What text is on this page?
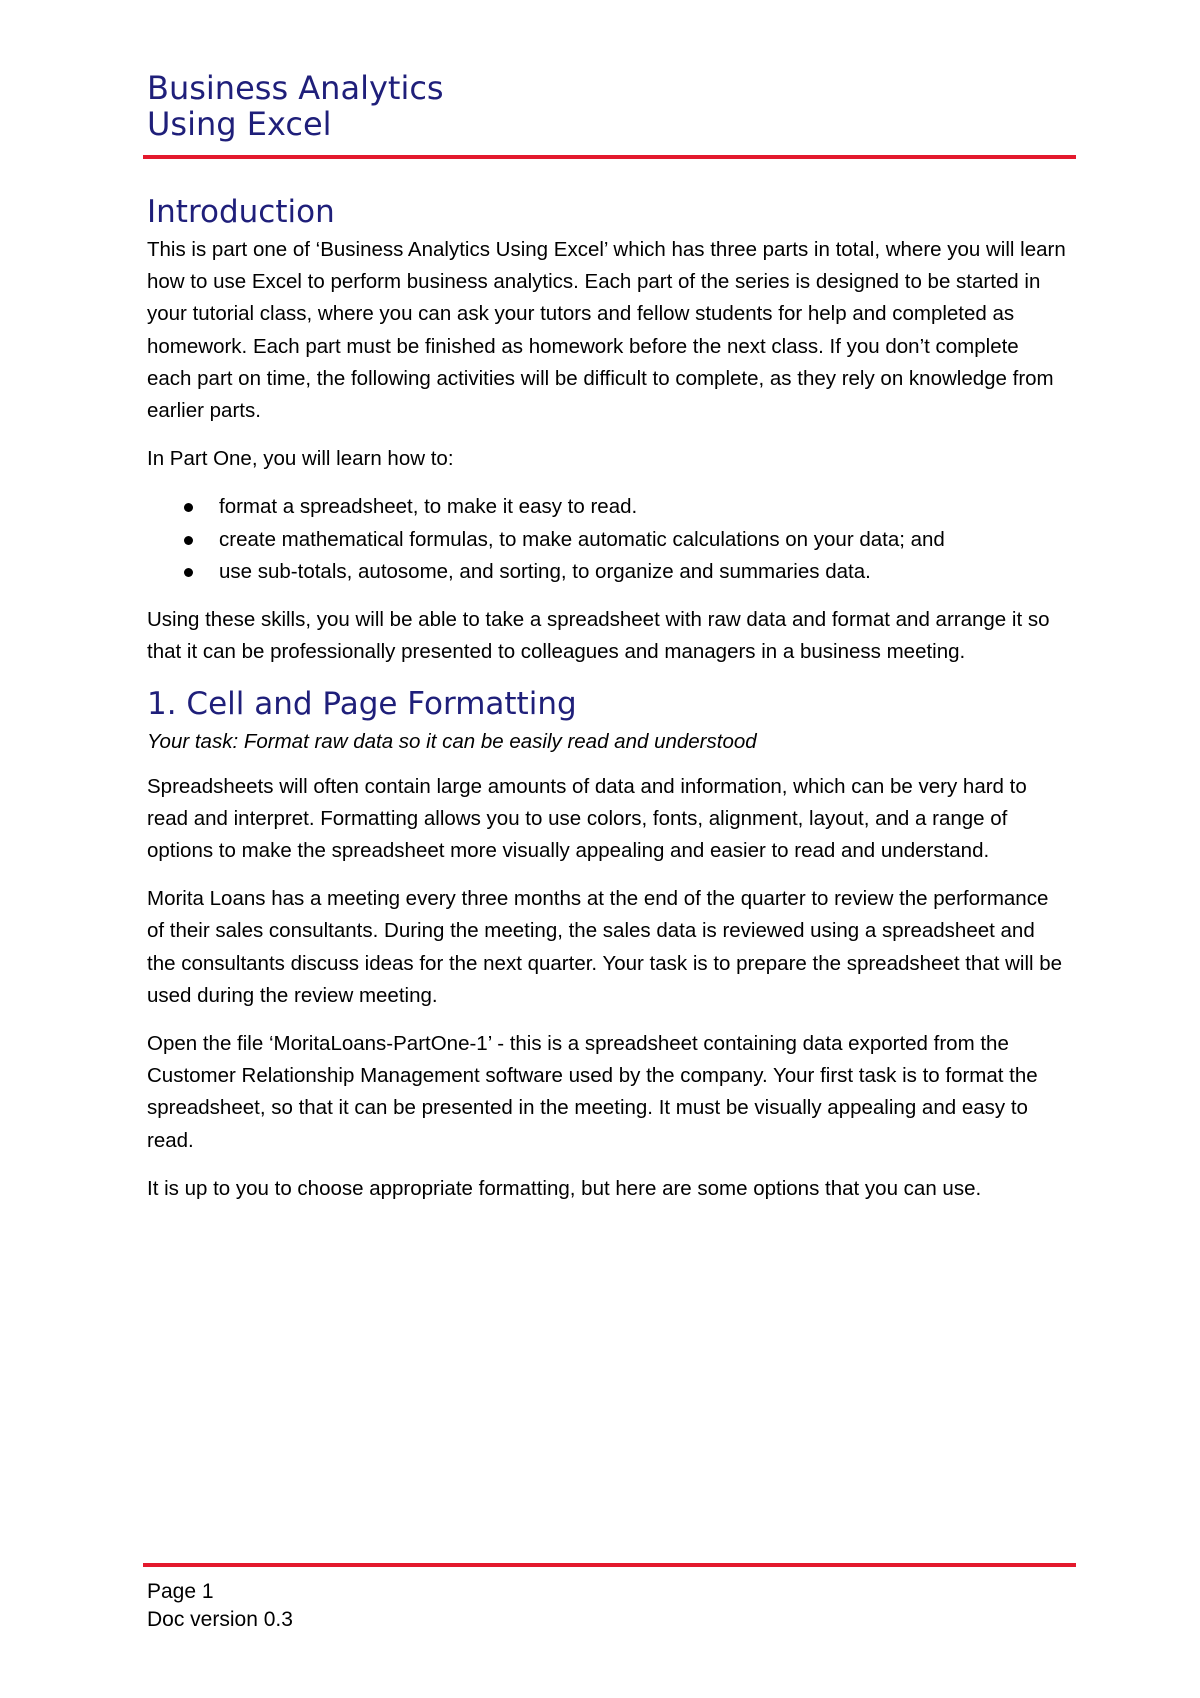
Business Analytics
Using Excel
Introduction

This is part one of ‘Business Analytics Using Excel’ which has three parts in total, where you will learn how to use Excel to perform business analytics. Each part of the series is designed to be started in your tutorial class, where you can ask your tutors and fellow students for help and completed as homework. Each part must be finished as homework before the next class. If you don’t complete each part on time, the following activities will be difficult to complete, as they rely on knowledge from earlier parts.

In Part One, you will learn how to:

format a spreadsheet, to make it easy to read.
create mathematical formulas, to make automatic calculations on your data; and
use sub-totals, autosome, and sorting, to organize and summaries data.

Using these skills, you will be able to take a spreadsheet with raw data and format and arrange it so that it can be professionally presented to colleagues and managers in a business meeting.

1. Cell and Page Formatting

Your task: Format raw data so it can be easily read and understood

Spreadsheets will often contain large amounts of data and information, which can be very hard to read and interpret. Formatting allows you to use colors, fonts, alignment, layout, and a range of options to make the spreadsheet more visually appealing and easier to read and understand.

Morita Loans has a meeting every three months at the end of the quarter to review the performance of their sales consultants. During the meeting, the sales data is reviewed using a spreadsheet and the consultants discuss ideas for the next quarter. Your task is to prepare the spreadsheet that will be used during the review meeting.

Open the file ‘MoritaLoans-PartOne-1’ - this is a spreadsheet containing data exported from the Customer Relationship Management software used by the company. Your first task is to format the spreadsheet, so that it can be presented in the meeting. It must be visually appealing and easy to read.

It is up to you to choose appropriate formatting, but here are some options that you can use.

Page 1
Doc version 0.3
